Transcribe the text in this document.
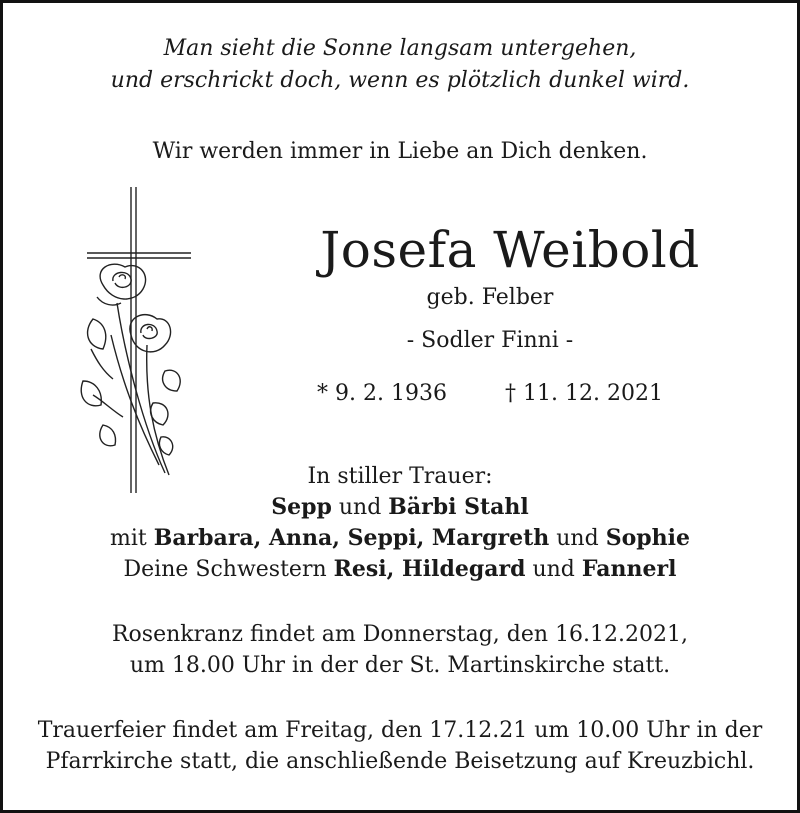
Man sieht die Sonne langsam untergehen,
und erschrickt doch, wenn es plötzlich dunkel wird.
Wir werden immer in Liebe an Dich denken.
Josefa Weibold
geb. Felber
- Sodler Finni -
* 9. 2. 1936	† 11. 12. 2021
In stiller Trauer:
Sepp und Bärbi Stahl
mit Barbara, Anna, Seppi, Margreth und Sophie
Deine Schwestern Resi, Hildegard und Fannerl
Rosenkranz findet am Donnerstag, den 16.12.2021,
um 18.00 Uhr in der der St. Martinskirche statt.
Trauerfeier findet am Freitag, den 17.12.21 um 10.00 Uhr in der
Pfarrkirche statt, die anschließende Beisetzung auf Kreuzbichl.
